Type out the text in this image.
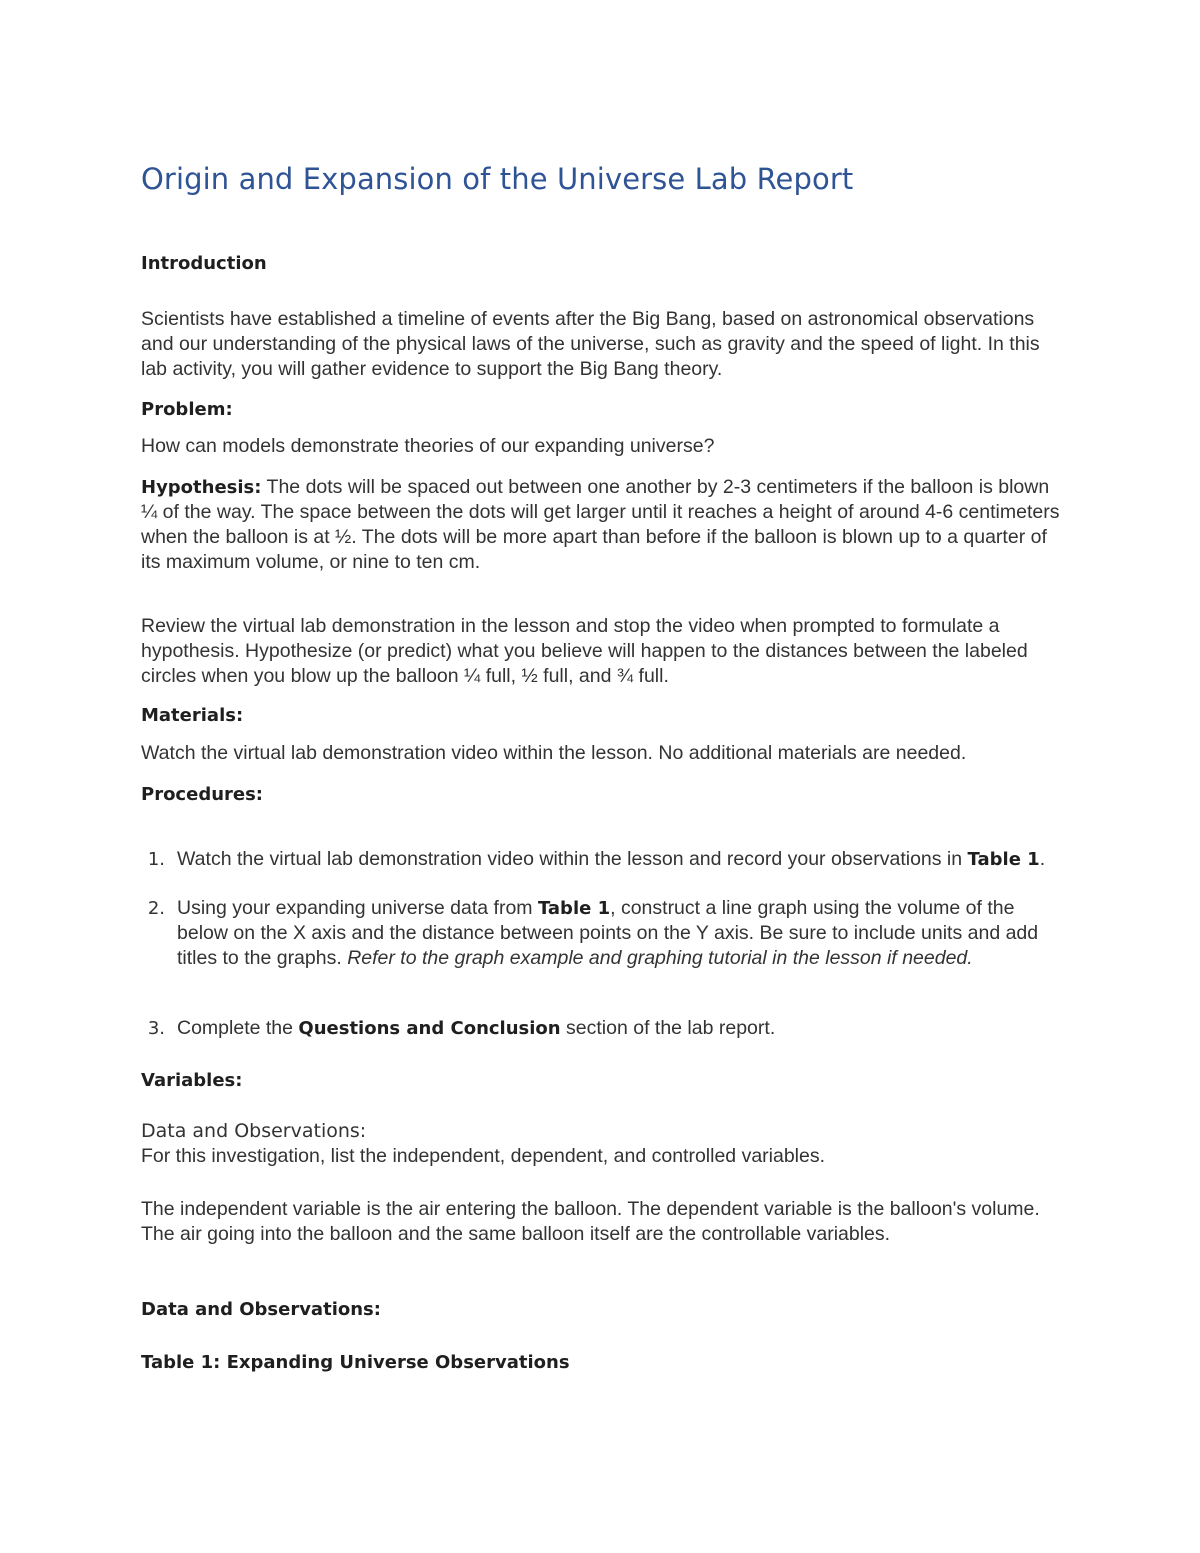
Origin and Expansion of the Universe Lab Report
Introduction
Scientists have established a timeline of events after the Big Bang, based on astronomical observations and our understanding of the physical laws of the universe, such as gravity and the speed of light. In this lab activity, you will gather evidence to support the Big Bang theory.
Problem:
How can models demonstrate theories of our expanding universe?
Hypothesis: The dots will be spaced out between one another by 2-3 centimeters if the balloon is blown ¼ of the way. The space between the dots will get larger until it reaches a height of around 4-6 centimeters when the balloon is at ½. The dots will be more apart than before if the balloon is blown up to a quarter of its maximum volume, or nine to ten cm.
Review the virtual lab demonstration in the lesson and stop the video when prompted to formulate a hypothesis. Hypothesize (or predict) what you believe will happen to the distances between the labeled circles when you blow up the balloon ¼ full, ½ full, and ¾ full.
Materials:
Watch the virtual lab demonstration video within the lesson. No additional materials are needed.
Procedures:
1. Watch the virtual lab demonstration video within the lesson and record your observations in Table 1.
2. Using your expanding universe data from Table 1, construct a line graph using the volume of the below on the X axis and the distance between points on the Y axis. Be sure to include units and add titles to the graphs. Refer to the graph example and graphing tutorial in the lesson if needed.
3. Complete the Questions and Conclusion section of the lab report.
Variables:
Data and Observations:
For this investigation, list the independent, dependent, and controlled variables.
The independent variable is the air entering the balloon. The dependent variable is the balloon's volume. The air going into the balloon and the same balloon itself are the controllable variables.
Data and Observations:
Table 1: Expanding Universe Observations
